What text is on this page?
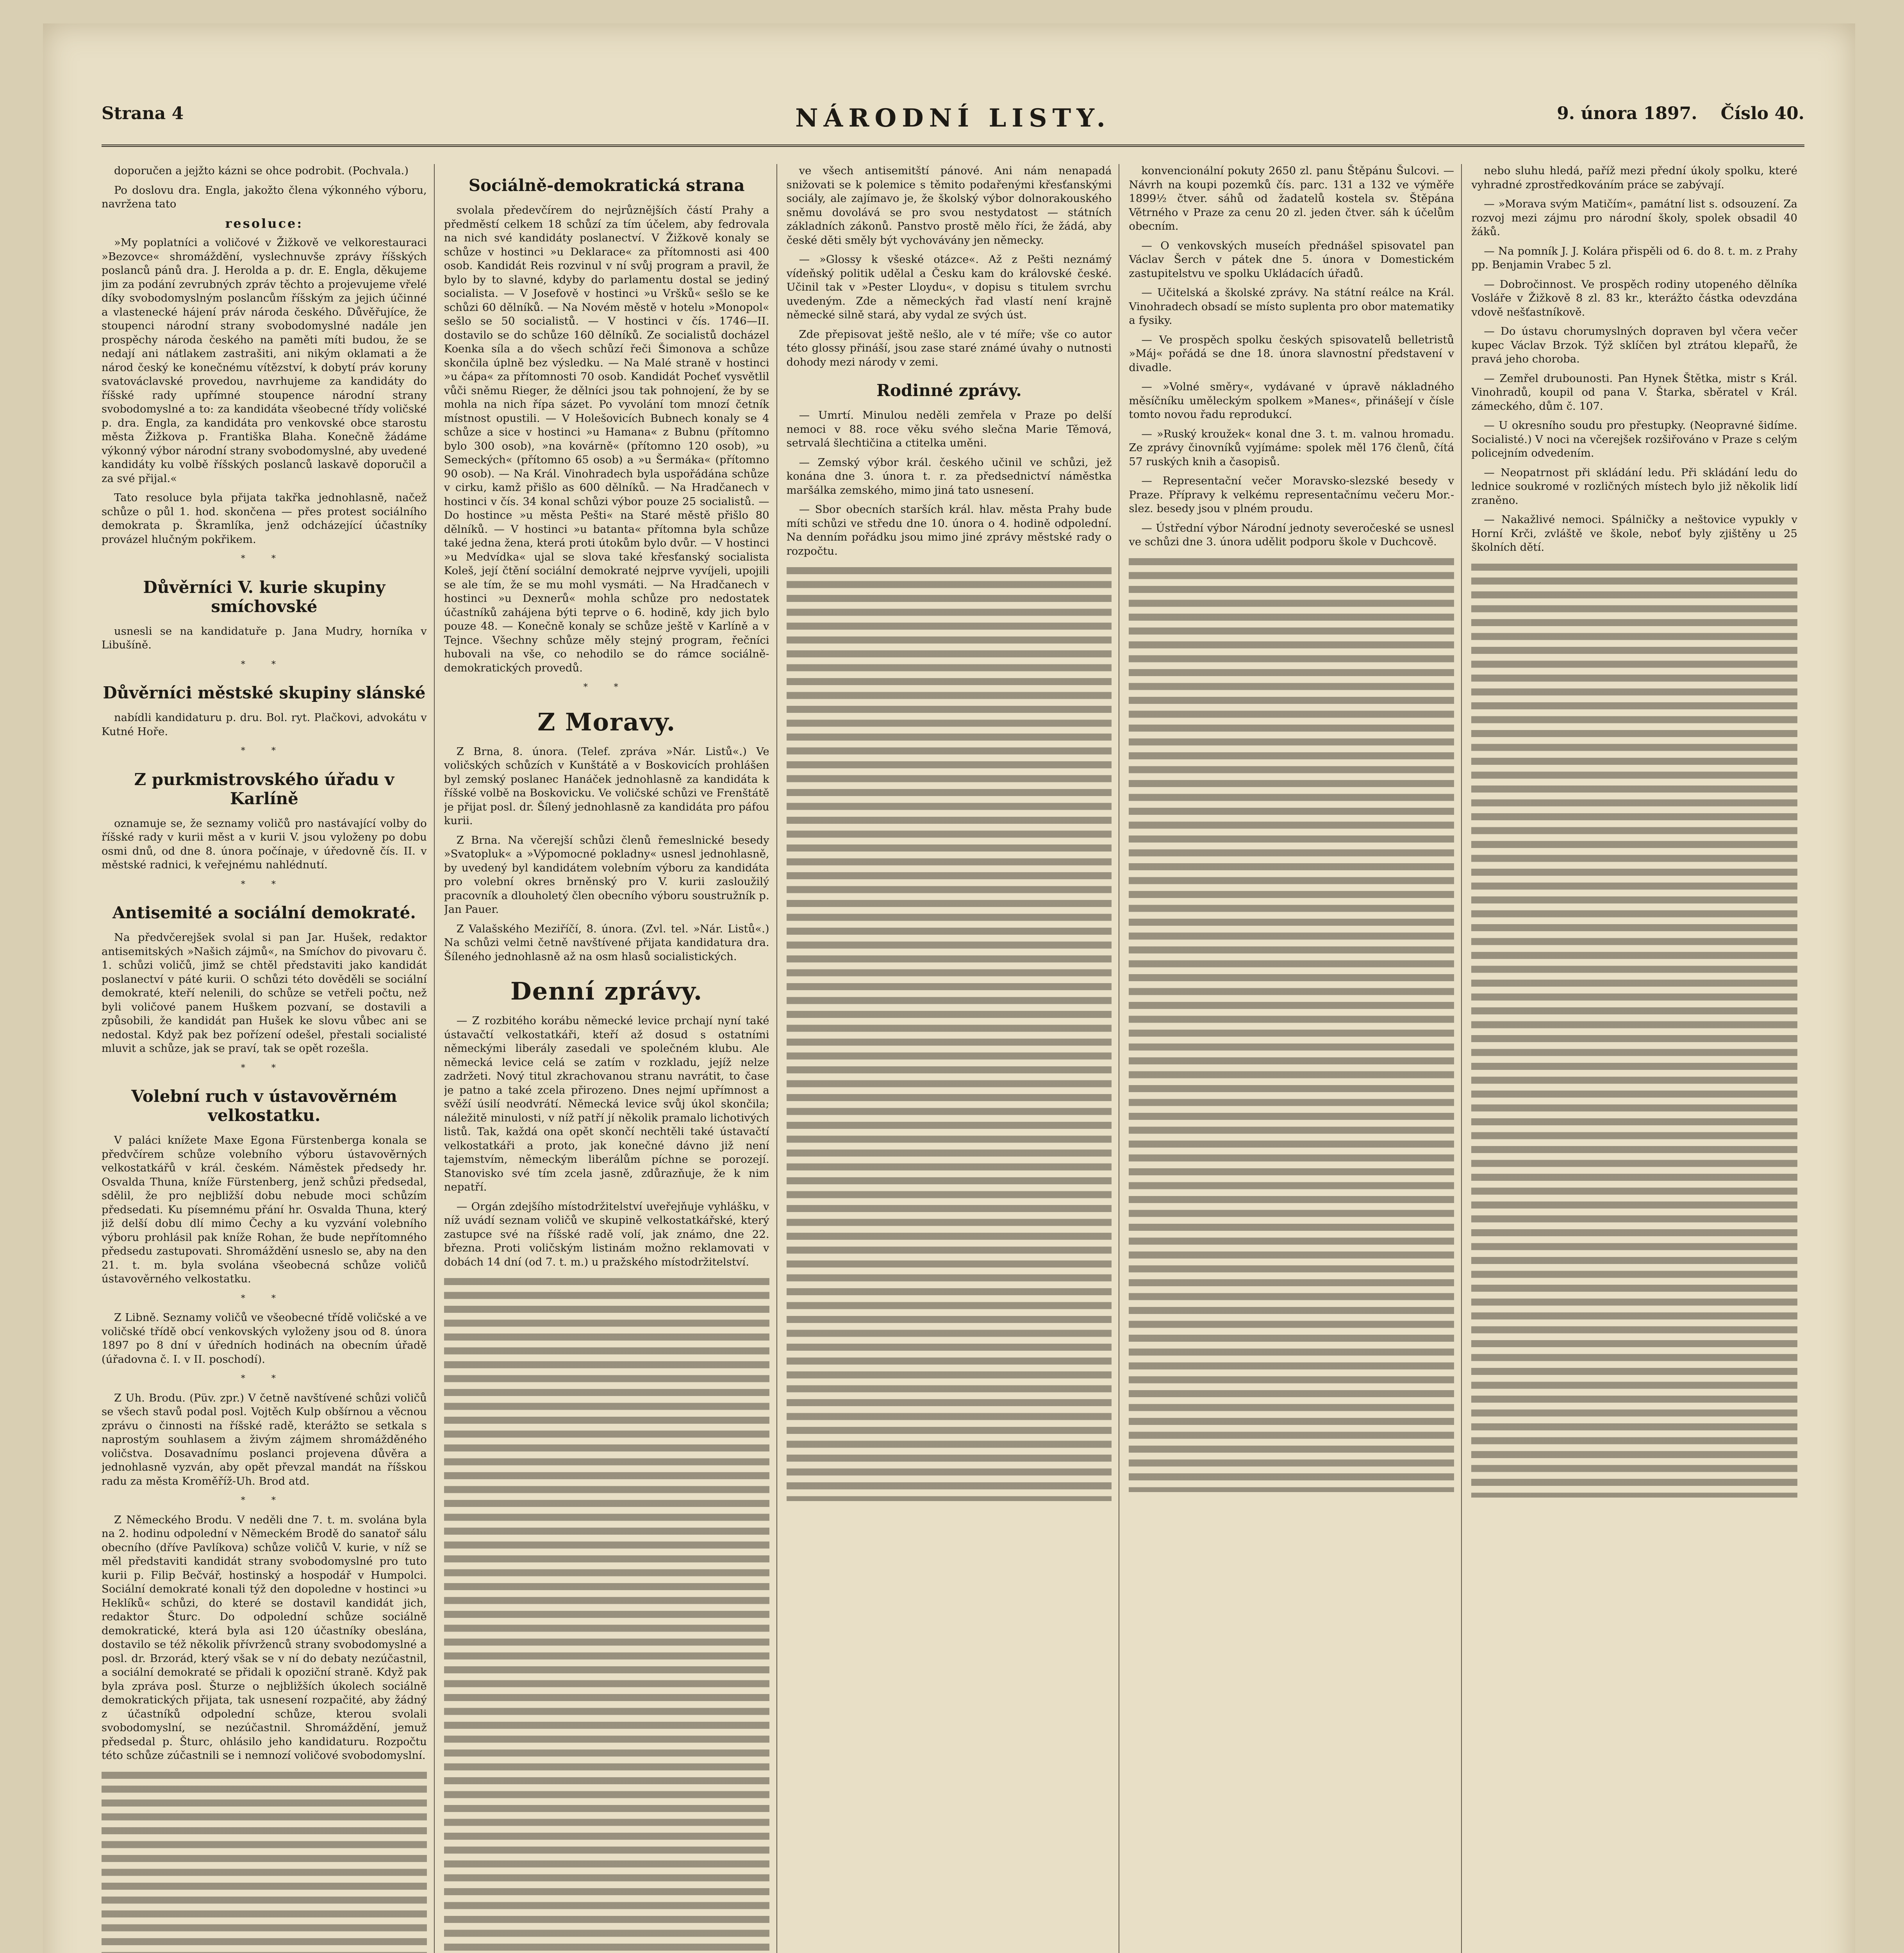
Strana 4	NÁRODNÍ LISTY.	9. února 1897. Číslo 40.

doporučen a jejžto kázni se ohce podrobit. (Pochvala.)

Po doslovu dra. Engla, jakožto člena výkonného výboru, navržena tato

resoluce:

»My poplatníci a voličové v Žižkově ve velkorestauraci »Bezovce« shromáždění, vyslechnuvše zprávy říšských poslanců pánů dra. J. Herolda a p. dr. E. Engla, děkujeme jim za podání zevrubných zpráv těchto a projevujeme vřelé díky svobodomyslným poslancům říšským za jejich účinné a vlastenecké hájení práv národa českého. Důvěřujíce, že stoupenci národní strany svobodomyslné nadále jen prospěchy národa českého na paměti míti budou, že se nedají ani nátlakem zastrašiti, ani nikým oklamati a že národ český ke konečnému vítězství, k dobytí práv koruny svatováclavské provedou, navrhujeme za kandidáty do říšské rady upřímné stoupence národní strany svobodomyslné a to: za kandidáta všeobecné třídy voličské p. dra. Engla, za kandidáta pro venkovské obce starostu města Žižkova p. Františka Blaha. Konečně žádáme výkonný výbor národní strany svobodomyslné, aby uvedené kandidáty ku volbě říšských poslanců laskavě doporučil a za své přijal.«

Tato resoluce byla přijata takřka jednohlasně, načež schůze o půl 1. hod. skončena — přes protest sociálního demokrata p. Škramlíka, jenž odcházející účastníky provázel hlučným pokřikem.

* *

Důvěrníci V. kurie skupiny smíchovské

usnesli se na kandidatuře p. Jana Mudry, horníka v Libušíně.

* *

Důvěrníci městské skupiny slánské

nabídli kandidaturu p. dru. Bol. ryt. Plačkovi, advokátu v Kutné Hoře.

* *

Z purkmistrovského úřadu v Karlíně

oznamuje se, že seznamy voličů pro nastávající volby do říšské rady v kurii měst a v kurii V. jsou vyloženy po dobu osmi dnů, od dne 8. února počínaje, v úředovně čís. II. v městské radnici, k veřejnému nahlédnutí.

* *

Antisemité a sociální demokraté.

Na předvčerejšek svolal si pan Jar. Hušek, redaktor antisemitských »Našich zájmů«, na Smíchov do pivovaru č. 1. schůzi voličů, jimž se chtěl představiti jako kandidát poslanectví v páté kurii. O schůzi této dověděli se sociální demokraté, kteří nelenili, do schůze se vetřeli počtu, než byli voličové panem Huškem pozvaní, se dostavili a způsobili, že kandidát pan Hušek ke slovu vůbec ani se nedostal. Když pak bez pořízení odešel, přestali socialisté mluvit a schůze, jak se praví, tak se opět rozešla.

* *

Volební ruch v ústavověrném velkostatku.

V paláci knížete Maxe Egona Fürstenberga konala se předvčírem schůze volebního výboru ústavověrných velkostatkářů v král. českém. Náměstek předsedy hr. Osvalda Thuna, kníže Fürstenberg, jenž schůzi předsedal, sdělil, že pro nejbližší dobu nebude moci schůzím předsedati. Ku písemnému přání hr. Osvalda Thuna, který již delší dobu dlí mimo Čechy a ku vyzvání volebního výboru prohlásil pak kníže Rohan, že bude nepřítomného předsedu zastupovati. Shromáždění usneslo se, aby na den 21. t. m. byla svolána všeobecná schůze voličů ústavověrného velkostatku.

* *

Z Libně. Seznamy voličů ve všeobecné třídě voličské a ve voličské třídě obcí venkovských vyloženy jsou od 8. února 1897 po 8 dní v úředních hodinách na obecním úřadě (úřadovna č. I. v II. poschodí).

* *

Z Uh. Brodu. (Püv. zpr.) V četně navštívené schůzi voličů se všech stavů podal posl. Vojtěch Kulp obšírnou a věcnou zprávu o činnosti na říšské radě, kterážto se setkala s naprostým souhlasem a živým zájmem shromážděného voličstva. Dosavadnímu poslanci projevena důvěra a jednohlasně vyzván, aby opět převzal mandát na říšskou radu za města Kroměříž-Uh. Brod atd.

* *

Z Německého Brodu. V neděli dne 7. t. m. svolána byla na 2. hodinu odpolední v Německém Brodě do sanatoř sálu obecního (dříve Pavlíkova) schůze voličů V. kurie, v níž se měl představiti kandidát strany svobodomyslné pro tuto kurii p. Filip Bečvář, hostinský a hospodář v Humpolci. Sociální demokraté konali týž den dopoledne v hostinci »u Heklíků« schůzi, do které se dostavil kandidát jich, redaktor Šturc. Do odpolední schůze sociálně demokratické, která byla asi 120 účastníky obeslána, dostavilo se též několik přívrženců strany svobodomyslné a posl. dr. Brzorád, který však se v ní do debaty nezúčastnil, a sociální demokraté se přidali k opoziční straně. Když pak byla zpráva posl. Šturze o nejbližších úkolech sociálně demokratických přijata, tak usnesení rozpačité, aby žádný z účastníků odpolední schůze, kterou svolali svobodomyslní, se nezúčastnil. Shromáždění, jemuž předsedal p. Šturc, ohlásilo jeho kandidaturu. Rozpočtu této schůze zúčastnili se i nemnozí voličové svobodomyslní.

Sociálně-demokratická strana

svolala předevčírem do nejrůznějších částí Prahy a předměstí celkem 18 schůzí za tím účelem, aby fedrovala na nich své kandidáty poslanectví. V Žižkově konaly se schůze v hostinci »u Deklarace« za přítomnosti asi 400 osob. Kandidát Reis rozvinul v ní svůj program a pravil, že bylo by to slavné, kdyby do parlamentu dostal se jediný socialista. — V Josefově v hostinci »u Vršků« sešlo se ke schůzi 60 dělníků. — Na Novém městě v hotelu »Monopol« sešlo se 50 socialistů. — V hostinci v čís. 1746—II. dostavilo se do schůze 160 dělníků. Ze socialistů docházel Koenka síla a do všech schůzí řeči Šimonova a schůze skončila úplně bez výsledku. — Na Malé straně v hostinci »u čápa« za přítomnosti 70 osob. Kandidát Pocheť vysvětlil vůči sněmu Rieger, že dělníci jsou tak pohnojení, že by se mohla na nich řípa sázet. Po vyvolání tom mnozí četník místnost opustili. — V Holešovicích Bubnech konaly se 4 schůze a sice v hostinci »u Hamana« z Bubnu (přítomno bylo 300 osob), »na kovárně« (přítomno 120 osob), »u Semeckých« (přítomno 65 osob) a »u Šermáka« (přítomno 90 osob). — Na Král. Vinohradech byla uspořádána schůze v cirku, kamž přišlo as 600 dělníků. — Na Hradčanech v hostinci v čís. 34 konal schůzi výbor pouze 25 socialistů. — Do hostince »u města Pešti« na Staré městě přišlo 80 dělníků. — V hostinci »u batanta« přítomna byla schůze také jedna žena, která proti útokům bylo dvůr. — V hostinci »u Medvídka« ujal se slova také křesťanský socialista Koleš, její čtění sociální demokraté nejprve vyvíjeli, upojili se ale tím, že se mu mohl vysmáti. — Na Hradčanech v hostinci »u Dexnerů« mohla schůze pro nedostatek účastníků zahájena býti teprve o 6. hodině, kdy jich bylo pouze 48. — Konečně konaly se schůze ještě v Karlíně a v Tejnce. Všechny schůze měly stejný program, řečníci hubovali na vše, co nehodilo se do rámce sociálně-demokratických provedů.

* *

Z Moravy.

Z Brna, 8. února. (Telef. zpráva »Nár. Listů«.) Ve voličských schůzích v Kunštátě a v Boskovicích prohlášen byl zemský poslanec Hanáček jednohlasně za kandidáta k říšské volbě na Boskovicku. Ve voličské schůzi ve Frenštátě je přijat posl. dr. Šílený jednohlasně za kandidáta pro páfou kurii.

Z Brna. Na včerejší schůzi členů řemeslnické besedy »Svatopluk« a »Výpomocné pokladny« usnesl jednohlasně, by uvedený byl kandidátem volebním výboru za kandidáta pro volební okres brněnský pro V. kurii zasloužilý pracovník a dlouholetý člen obecního výboru soustružník p. Jan Pauer.

Z Valašského Meziříčí, 8. února. (Zvl. tel. »Nár. Listů«.) Na schůzi velmi četně navštívené přijata kandidatura dra. Šíleného jednohlasně až na osm hlasů socialistických.

Denní zprávy.

— Z rozbitého korábu německé levice prchají nyní také ústavačtí velkostatkáři, kteří až dosud s ostatními německými liberály zasedali ve společném klubu. Ale německá levice celá se zatím v rozkladu, jejíž nelze zadržeti. Nový titul zkrachovanou stranu navrátit, to čase je patno a také zcela přirozeno. Dnes nejmí upřímnost a svěží úsilí neodvrátí. Německá levice svůj úkol skončila; náležitě minulosti, v níž patří jí několik pramalo lichotivých listů. Tak, každá ona opět skončí nechtěli také ústavačtí velkostatkáři a proto, jak konečné dávno již není tajemstvím, německým liberálům píchne se porozejí. Stanovisko své tím zcela jasně, zdůrazňuje, že k nim nepatří.

— Orgán zdejšího místodržitelství uveřejňuje vyhlášku, v níž uvádí seznam voličů ve skupině velkostatkářské, který zastupce své na říšské radě volí, jak známo, dne 22. března. Proti voličským listinám možno reklamovati v dobách 14 dní (od 7. t. m.) u pražského místodržitelství.

ve všech antisemitští pánové. Ani nám nenapadá snižovati se k polemice s těmito podařenými křesťanskými sociály, ale zajímavo je, že školský výbor dolnorakouského sněmu dovolává se pro svou nestydatost — státních základních zákonů. Panstvo prostě mělo říci, že žádá, aby české děti směly být vychovávány jen německy.

— »Glossy k všeské otázce«. Až z Pešti neznámý vídeňský politik udělal a Česku kam do královské české. Učinil tak v »Pester Lloydu«, v dopisu s titulem svrchu uvedeným. Zde a německých řad vlastí není krajně německé silně stará, aby vydal ze svých úst.

Zde přepisovat ještě nešlo, ale v té míře; vše co autor této glossy přináší, jsou zase staré známé úvahy o nutnosti dohody mezi národy v zemi.

Rodinné zprávy.

— Umrtí. Minulou neděli zemřela v Praze po delší nemoci v 88. roce věku svého slečna Marie Těmová, setrvalá šlechtičina a ctitelka uměni.

— Zemský výbor král. českého učinil ve schůzi, jež konána dne 3. února t. r. za předsednictví náměstka maršálka zemského, mimo jiná tato usnesení.

— Sbor obecních starších král. hlav. města Prahy bude míti schůzi ve středu dne 10. února o 4. hodině odpolední. Na denním pořádku jsou mimo jiné zprávy městské rady o rozpočtu.

konvencionální pokuty 2650 zl. panu Štěpánu Šulcovi. — Návrh na koupi pozemků čís. parc. 131 a 132 ve výměře 1899½ čtver. sáhů od žadatelů kostela sv. Štěpána Větrného v Praze za cenu 20 zl. jeden čtver. sáh k účelům obecním.

— O venkovských museích přednášel spisovatel pan Václav Šerch v pátek dne 5. února v Domestickém zastupitelstvu ve spolku Ukládacích úřadů.

— Učitelská a školské zprávy. Na státní reálce na Král. Vinohradech obsadí se místo suplenta pro obor matematiky a fysiky.

— Ve prospěch spolku českých spisovatelů belletristů »Máj« pořádá se dne 18. února slavnostní představení v divadle.

— »Volné směry«, vydávané v úpravě nákladného měsíčníku uměleckým spolkem »Manes«, přinášejí v čísle tomto novou řadu reprodukcí.

— »Ruský kroužek« konal dne 3. t. m. valnou hromadu. Ze zprávy činovníků vyjímáme: spolek měl 176 členů, čítá 57 ruských knih a časopisů.

— Representační večer Moravsko-slezské besedy v Praze. Přípravy k velkému representačnímu večeru Mor.-slez. besedy jsou v plném proudu.

— Ústřední výbor Národní jednoty severočeské se usnesl ve schůzi dne 3. února udělit podporu škole v Duchcově.

nebo sluhu hledá, paříž mezi přední úkoly spolku, které vyhradné zprostředkováním práce se zabývají.

— »Morava svým Matičím«, památní list s. odsouzení. Za rozvoj mezi zájmu pro národní školy, spolek obsadil 40 žáků.

— Na pomník J. J. Kolára přispěli od 6. do 8. t. m. z Prahy pp. Benjamin Vrabec 5 zl.

— Dobročinnost. Ve prospěch rodiny utopeného dělníka Vosláře v Žižkově 8 zl. 83 kr., kterážto částka odevzdána vdově nešťastníkově.

— Do ústavu chorumyslných dopraven byl včera večer kupec Václav Brzok. Týž sklíčen byl ztrátou klepařů, že pravá jeho choroba.

— Zemřel drubounosti. Pan Hynek Štětka, mistr s Král. Vinohradů, koupil od pana V. Štarka, sběratel v Král. zámeckého, dům č. 107.

— U okresního soudu pro přestupky. (Neopravné šidíme. Socialisté.) V noci na včerejšek rozšiřováno v Praze s celým policejním odvedením.

— Neopatrnost při skládání ledu. Při skládání ledu do lednice soukromé v rozličných místech bylo již několik lidí zraněno.

— Nakažlivé nemoci. Spálničky a neštovice vypukly v Horní Krči, zvláště ve škole, neboť byly zjištěny u 25 školních dětí.
